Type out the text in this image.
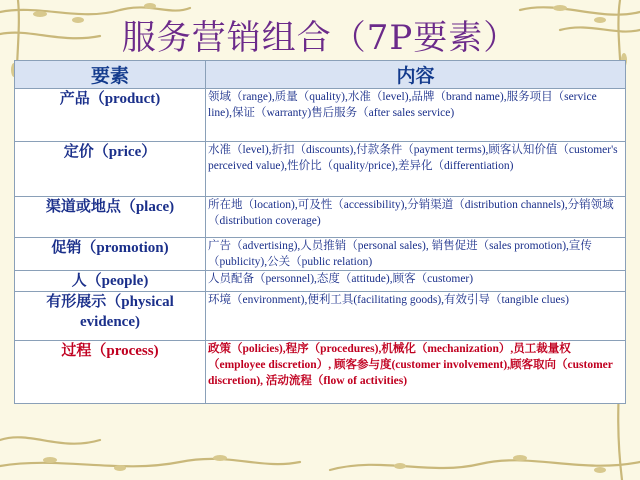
服务营销组合（7P要素）
要素	内容
产品（product)	领域（range),质量（quality),水准（level),品牌（brand name),服务项目（service line),保证（warranty)售后服务（after sales service)
定价（price）	水准（level),折扣（discounts),付款条件（payment terms),顾客认知价值（customer's perceived value),性价比（quality/price),差异化（differentiation)
渠道或地点（place)	所在地（location),可及性（accessibility),分销渠道（distribution channels),分销领域（distribution coverage)
促销（promotion)	广告（advertising),人员推销（personal sales), 销售促进（sales promotion),宣传（publicity),公关（public relation)
人（people)	人员配备（personnel),态度（attitude),顾客（customer)
有形展示（physical evidence)	环境（environment),便利工具(facilitating goods),有效引导（tangible clues)
过程（process)	政策（policies),程序（procedures),机械化（mechanization）,员工裁量权（employee discretion）, 顾客参与度(customer involvement),顾客取向（customer discretion), 活动流程（flow of activities)
